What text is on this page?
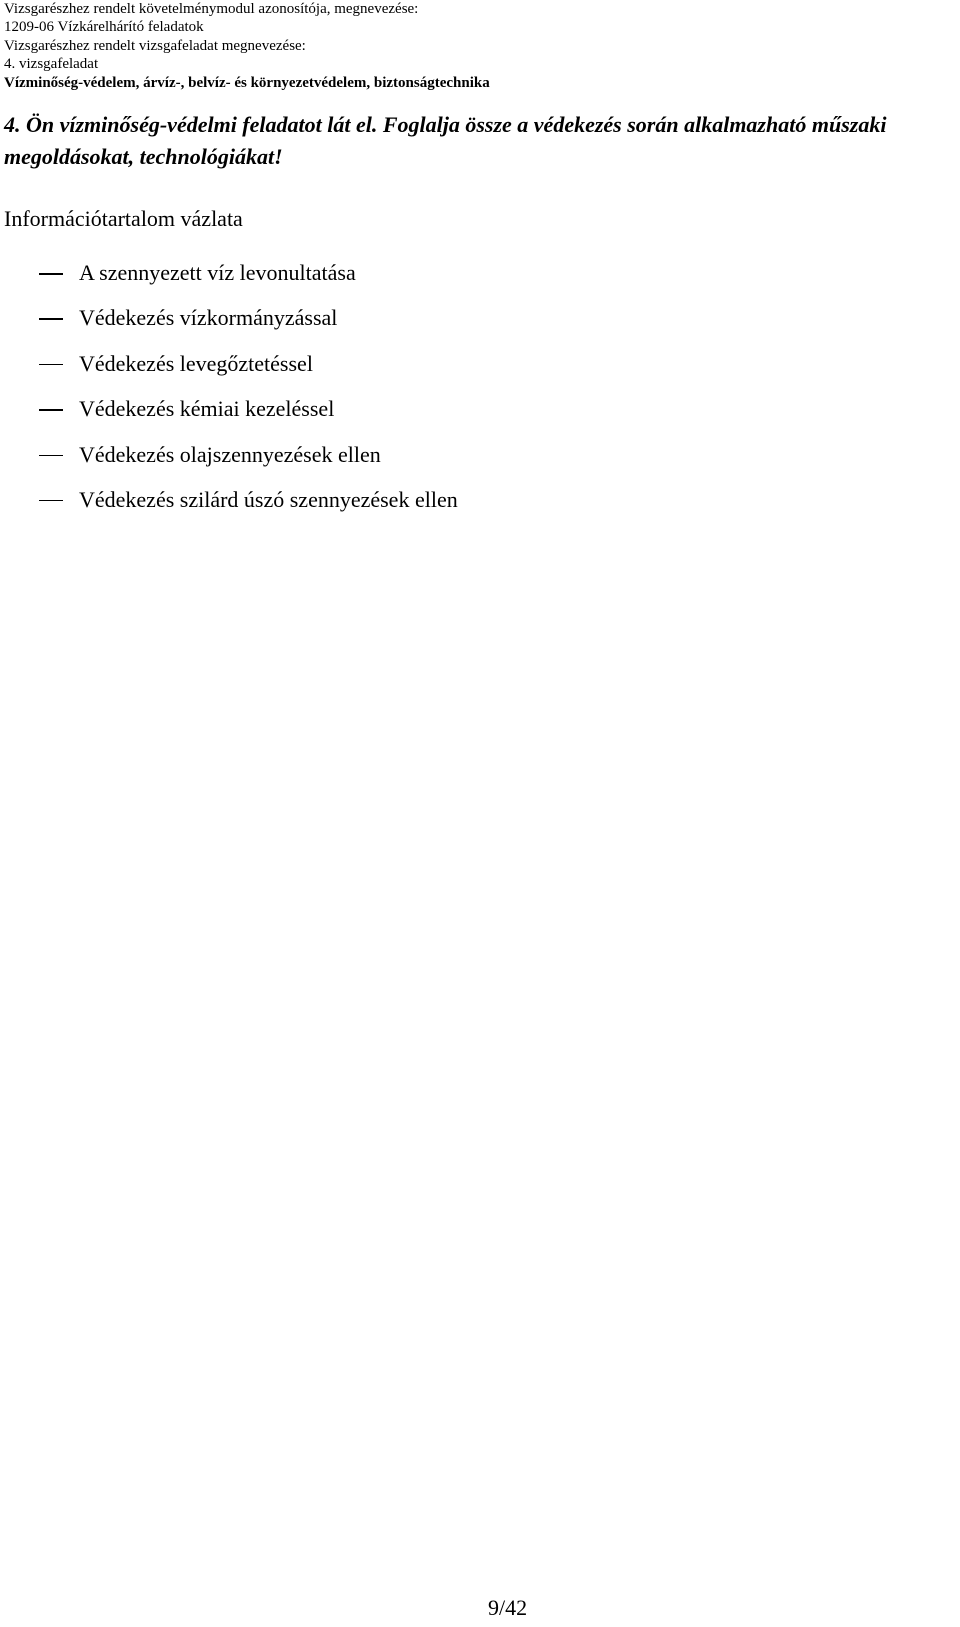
Vizsgarészhez rendelt követelménymodul azonosítója, megnevezése:
1209-06 Vízkárelhárító feladatok
Vizsgarészhez rendelt vizsgafeladat megnevezése:
4. vizsgafeladat
Vízminőség-védelem, árvíz-, belvíz- és környezetvédelem, biztonságtechnika
4. Ön vízminőség-védelmi feladatot lát el. Foglalja össze a védekezés során alkalmazható műszaki megoldásokat, technológiákat!
Információtartalom vázlata
A szennyezett víz levonultatása
Védekezés vízkormányzással
Védekezés levegőztetéssel
Védekezés kémiai kezeléssel
Védekezés olajszennyezések ellen
Védekezés szilárd úszó szennyezések ellen
9/42
